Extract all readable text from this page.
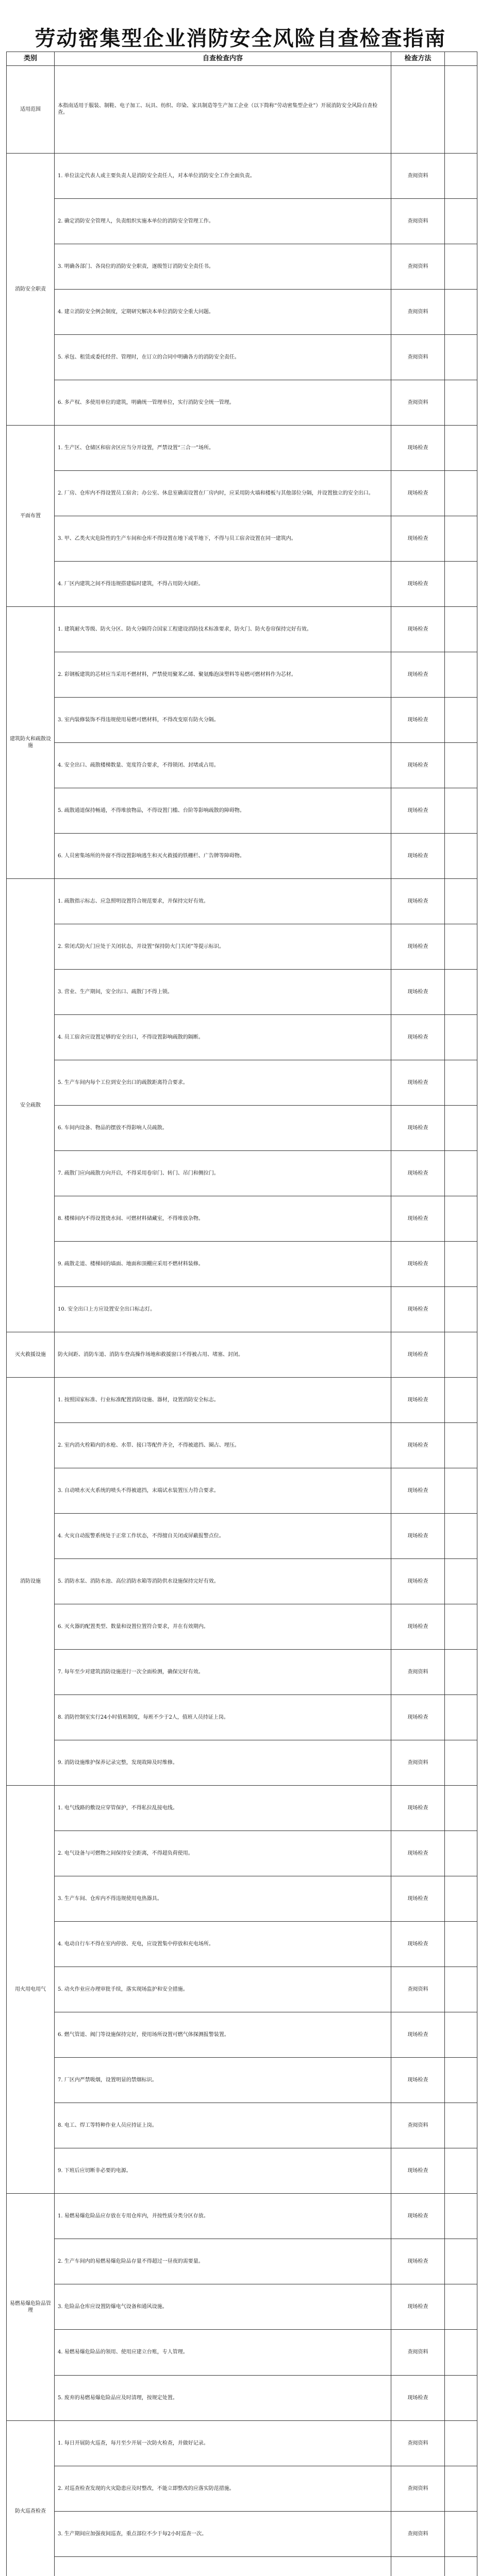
劳动密集型企业消防安全风险自查检查指南
类别	自查检查内容	检查方法	
适用范围	本指南适用于服装、制鞋、电子加工、玩具、纺织、印染、家具制造等生产加工企业（以下简称“劳动密集型企业”）开展消防安全风险自查检查。		
消防安全职责	1. 单位法定代表人或主要负责人是消防安全责任人，对本单位消防安全工作全面负责。	查阅资料	
	2. 确定消防安全管理人，负责组织实施本单位的消防安全管理工作。	查阅资料	
	3. 明确各部门、各岗位的消防安全职责，逐级签订消防安全责任书。	查阅资料	
	4. 建立消防安全例会制度，定期研究解决本单位消防安全重大问题。	查阅资料	
	5. 承包、租赁或委托经营、管理时，在订立的合同中明确各方的消防安全责任。	查阅资料	
	6. 多产权、多使用单位的建筑，明确统一管理单位，实行消防安全统一管理。	查阅资料	
平面布置	1. 生产区、仓储区和宿舍区应当分开设置，严禁设置“三合一”场所。	现场检查	
	2. 厂房、仓库内不得设置员工宿舍；办公室、休息室确需设置在厂房内时，应采用防火墙和楼板与其他部位分隔，并设置独立的安全出口。	现场检查	
	3. 甲、乙类火灾危险性的生产车间和仓库不得设置在地下或半地下，不得与员工宿舍设置在同一建筑内。	现场检查	
	4. 厂区内建筑之间不得违规搭建临时建筑，不得占用防火间距。	现场检查	
建筑防火和疏散设施	1. 建筑耐火等级、防火分区、防火分隔符合国家工程建设消防技术标准要求，防火门、防火卷帘保持完好有效。	现场检查	
	2. 彩钢板建筑的芯材应当采用不燃材料，严禁使用聚苯乙烯、聚氨酯泡沫塑料等易燃可燃材料作为芯材。	现场检查	
	3. 室内装修装饰不得违规使用易燃可燃材料，不得改变原有防火分隔。	现场检查	
	4. 安全出口、疏散楼梯数量、宽度符合要求，不得锁闭、封堵或占用。	现场检查	
	5. 疏散通道保持畅通，不得堆放物品，不得设置门槛、台阶等影响疏散的障碍物。	现场检查	
	6. 人员密集场所的外窗不得设置影响逃生和灭火救援的铁栅栏、广告牌等障碍物。	现场检查	
安全疏散	1. 疏散指示标志、应急照明设置符合规范要求，并保持完好有效。	现场检查	
	2. 常闭式防火门应处于关闭状态，并设置“保持防火门关闭”等提示标识。	现场检查	
	3. 营业、生产期间，安全出口、疏散门不得上锁。	现场检查	
	4. 员工宿舍应设置足够的安全出口，不得设置影响疏散的隔断。	现场检查	
	5. 生产车间内每个工位到安全出口的疏散距离符合要求。	现场检查	
	6. 车间内设备、物品的摆放不得影响人员疏散。	现场检查	
	7. 疏散门应向疏散方向开启，不得采用卷帘门、转门、吊门和侧拉门。	现场检查	
	8. 楼梯间内不得设置烧水间、可燃材料储藏室，不得堆放杂物。	现场检查	
	9. 疏散走道、楼梯间的墙面、地面和顶棚应采用不燃材料装修。	现场检查	
	10. 安全出口上方应设置安全出口标志灯。	现场检查	
灭火救援设施	防火间距、消防车道、消防车登高操作场地和救援窗口不得被占用、堵塞、封闭。	现场检查	
消防设施	1. 按照国家标准、行业标准配置消防设施、器材，设置消防安全标志。	现场检查	
	2. 室内消火栓箱内的水枪、水带、接口等配件齐全，不得被遮挡、圈占、埋压。	现场检查	
	3. 自动喷水灭火系统的喷头不得被遮挡，末端试水装置压力符合要求。	现场检查	
	4. 火灾自动报警系统处于正常工作状态，不得擅自关闭或屏蔽报警点位。	现场检查	
	5. 消防水泵、消防水池、高位消防水箱等消防供水设施保持完好有效。	现场检查	
	6. 灭火器的配置类型、数量和设置位置符合要求，并在有效期内。	现场检查	
	7. 每年至少对建筑消防设施进行一次全面检测，确保完好有效。	查阅资料	
	8. 消防控制室实行24小时值班制度，每班不少于2人，值班人员持证上岗。	现场检查	
	9. 消防设施维护保养记录完整，发现故障及时维修。	查阅资料	
用火用电用气	1. 电气线路的敷设应穿管保护，不得私拉乱接电线。	现场检查	
	2. 电气设备与可燃物之间保持安全距离，不得超负荷使用。	现场检查	
	3. 生产车间、仓库内不得违规使用电热器具。	现场检查	
	4. 电动自行车不得在室内停放、充电，应设置集中停放和充电场所。	现场检查	
	5. 动火作业应办理审批手续，落实现场监护和安全措施。	查阅资料	
	6. 燃气管道、阀门等设施保持完好，使用场所设置可燃气体探测报警装置。	现场检查	
	7. 厂区内严禁吸烟，设置明显的禁烟标识。	现场检查	
	8. 电工、焊工等特种作业人员应持证上岗。	查阅资料	
	9. 下班后应切断非必要的电源。	现场检查	
易燃易爆危险品管理	1. 易燃易爆危险品应存放在专用仓库内，并按性质分类分区存放。	现场检查	
	2. 生产车间内的易燃易爆危险品存量不得超过一昼夜的需要量。	现场检查	
	3. 危险品仓库应设置防爆电气设备和通风设施。	现场检查	
	4. 易燃易爆危险品的领用、使用应建立台账，专人管理。	查阅资料	
	5. 废弃的易燃易爆危险品应及时清理，按规定处置。	现场检查	
防火巡查检查	1. 每日开展防火巡查，每月至少开展一次防火检查，并做好记录。	查阅资料	
	2. 对巡查检查发现的火灾隐患应及时整改，不能立即整改的应落实防范措施。	查阅资料	
	3. 生产期间应加强夜间巡查，重点部位不少于每2小时巡查一次。	查阅资料	
